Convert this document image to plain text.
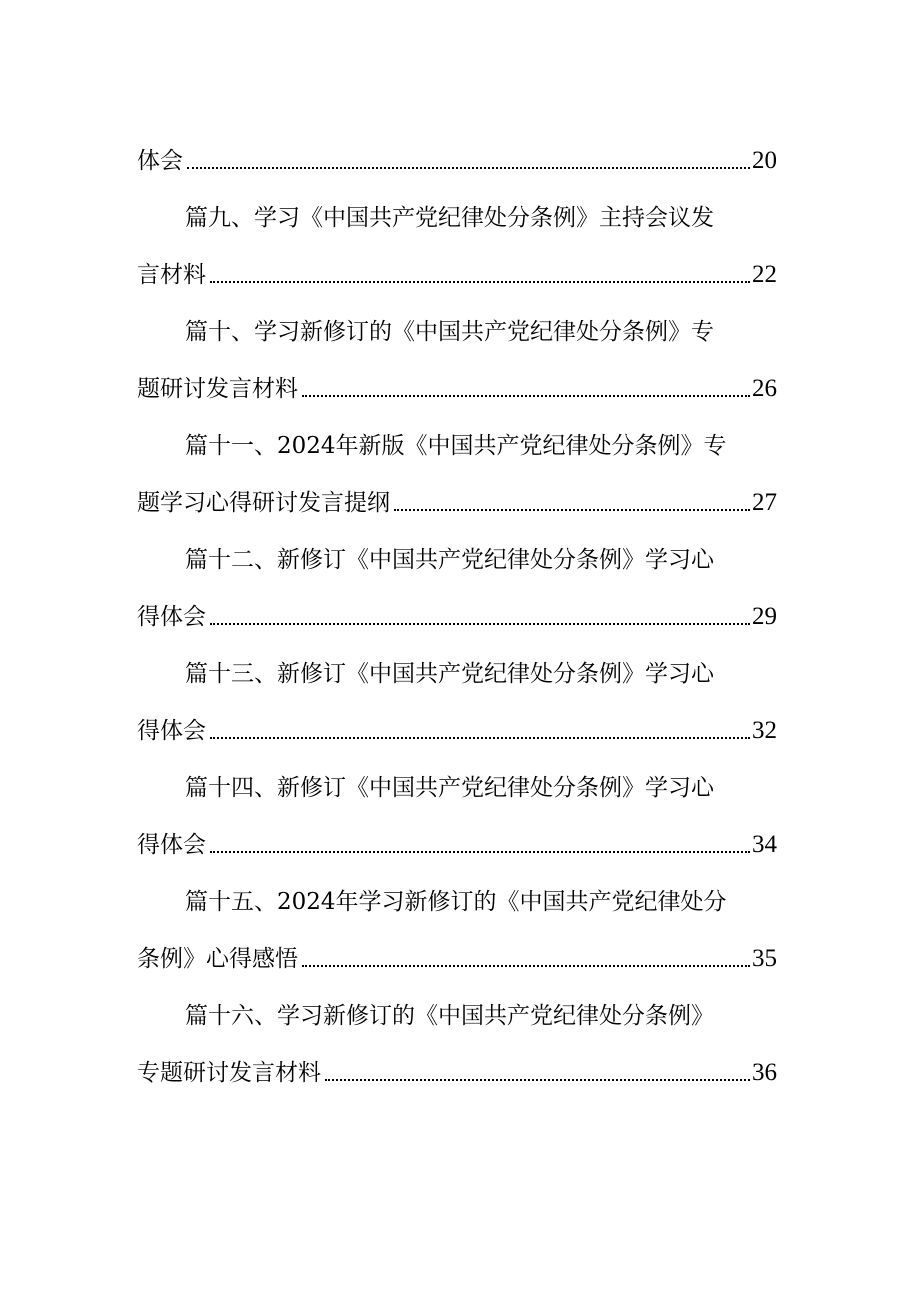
体会	20
篇九、学习《中国共产党纪律处分条例》主持会议发
言材料	22
篇十、学习新修订的《中国共产党纪律处分条例》专
题研讨发言材料	26
篇十一、2024年新版《中国共产党纪律处分条例》专
题学习心得研讨发言提纲	27
篇十二、新修订《中国共产党纪律处分条例》学习心
得体会	29
篇十三、新修订《中国共产党纪律处分条例》学习心
得体会	32
篇十四、新修订《中国共产党纪律处分条例》学习心
得体会	34
篇十五、2024年学习新修订的《中国共产党纪律处分
条例》心得感悟	35
篇十六、学习新修订的《中国共产党纪律处分条例》
专题研讨发言材料	36
